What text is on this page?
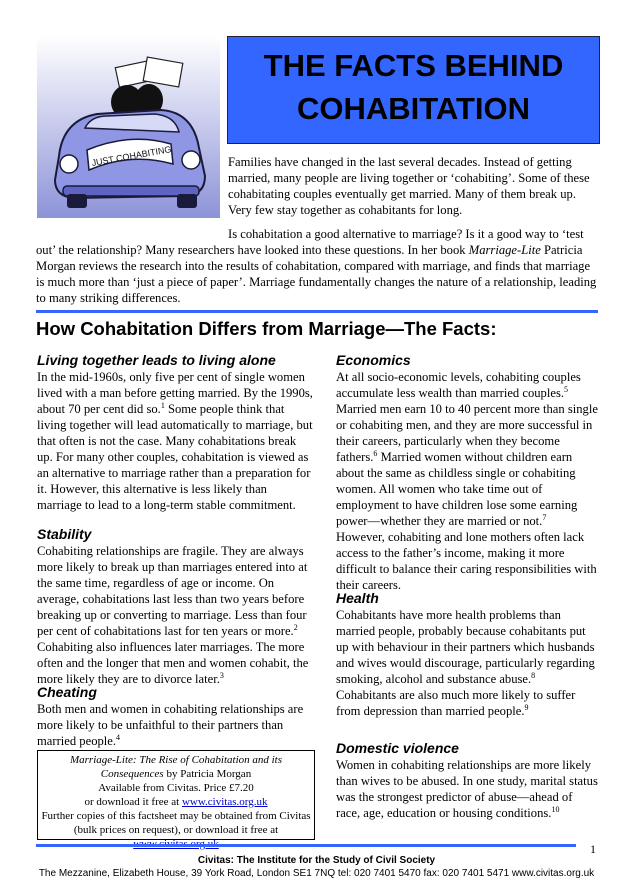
JUST COHABITING
THE FACTS BEHIND
COHABITATION

Families have changed in the last several decades. Instead of getting married, many people are living together or ‘cohabiting’. Some of these cohabitating couples eventually get married. Many of them break up. Very few stay together as cohabitants for long.

Is cohabitation a good alternative to marriage? Is it a good way to ‘test out’ the relationship? Many researchers have looked into these questions. In her book Marriage-Lite Patricia Morgan reviews the research into the results of cohabitation, compared with marriage, and finds that marriage is much more than ‘just a piece of paper’. Marriage fundamentally changes the nature of a relationship, leading to many striking differences.

How Cohabitation Differs from Marriage—The Facts:
Living together leads to living alone
In the mid-1960s, only five per cent of single women lived with a man before getting married. By the 1990s, about 70 per cent did so.$^1$ Some people think that living together will lead automatically to marriage, but that often is not the case. Many cohabitations break up. For many other couples, cohabitation is viewed as an alternative to marriage rather than a preparation for it. However, this alternative is less likely than marriage to lead to a long-term stable commitment.
Stability
Cohabiting relationships are fragile. They are always more likely to break up than marriages entered into at the same time, regardless of age or income. On average, cohabitations last less than two years before breaking up or converting to marriage. Less than four per cent of cohabitations last for ten years or more.$^2$ Cohabiting also influences later marriages. The more often and the longer that men and women cohabit, the more likely they are to divorce later.$^3$
Cheating
Both men and women in cohabiting relationships are more likely to be unfaithful to their partners than married people.$^4$
Marriage-Lite: The Rise of Cohabitation and its Consequences by Patricia Morgan
Available from Civitas. Price £7.20
or download it free at www.civitas.org.uk
Further copies of this factsheet may be obtained from Civitas (bulk prices on request), or download it free at
Economics
At all socio-economic levels, cohabiting couples accumulate less wealth than married couples.$^5$ Married men earn 10 to 40 percent more than single or cohabiting men, and they are more successful in their careers, particularly when they become fathers.$^6$ Married women without children earn about the same as childless single or cohabiting women. All women who take time out of employment to have children lose some earning power—whether they are married or not.$^7$ However, cohabiting and lone mothers often lack access to the father’s income, making it more difficult to balance their caring responsibilities with their careers.
Health
Cohabitants have more health problems than married people, probably because cohabitants put up with behaviour in their partners which husbands and wives would discourage, particularly regarding smoking, alcohol and substance abuse.$^8$ Cohabitants are also much more likely to suffer from depression than married people.$^9$
Domestic violence
Women in cohabiting relationships are more likely than wives to be abused. In one study, marital status was the strongest predictor of abuse—ahead of race, age, education or housing conditions.$^{10}$
1
Civitas: The Institute for the Study of Civil Society
The Mezzanine, Elizabeth House, 39 York Road, London SE1 7NQ tel: 020 7401 5470 fax: 020 7401 5471 www.civitas.org.uk
